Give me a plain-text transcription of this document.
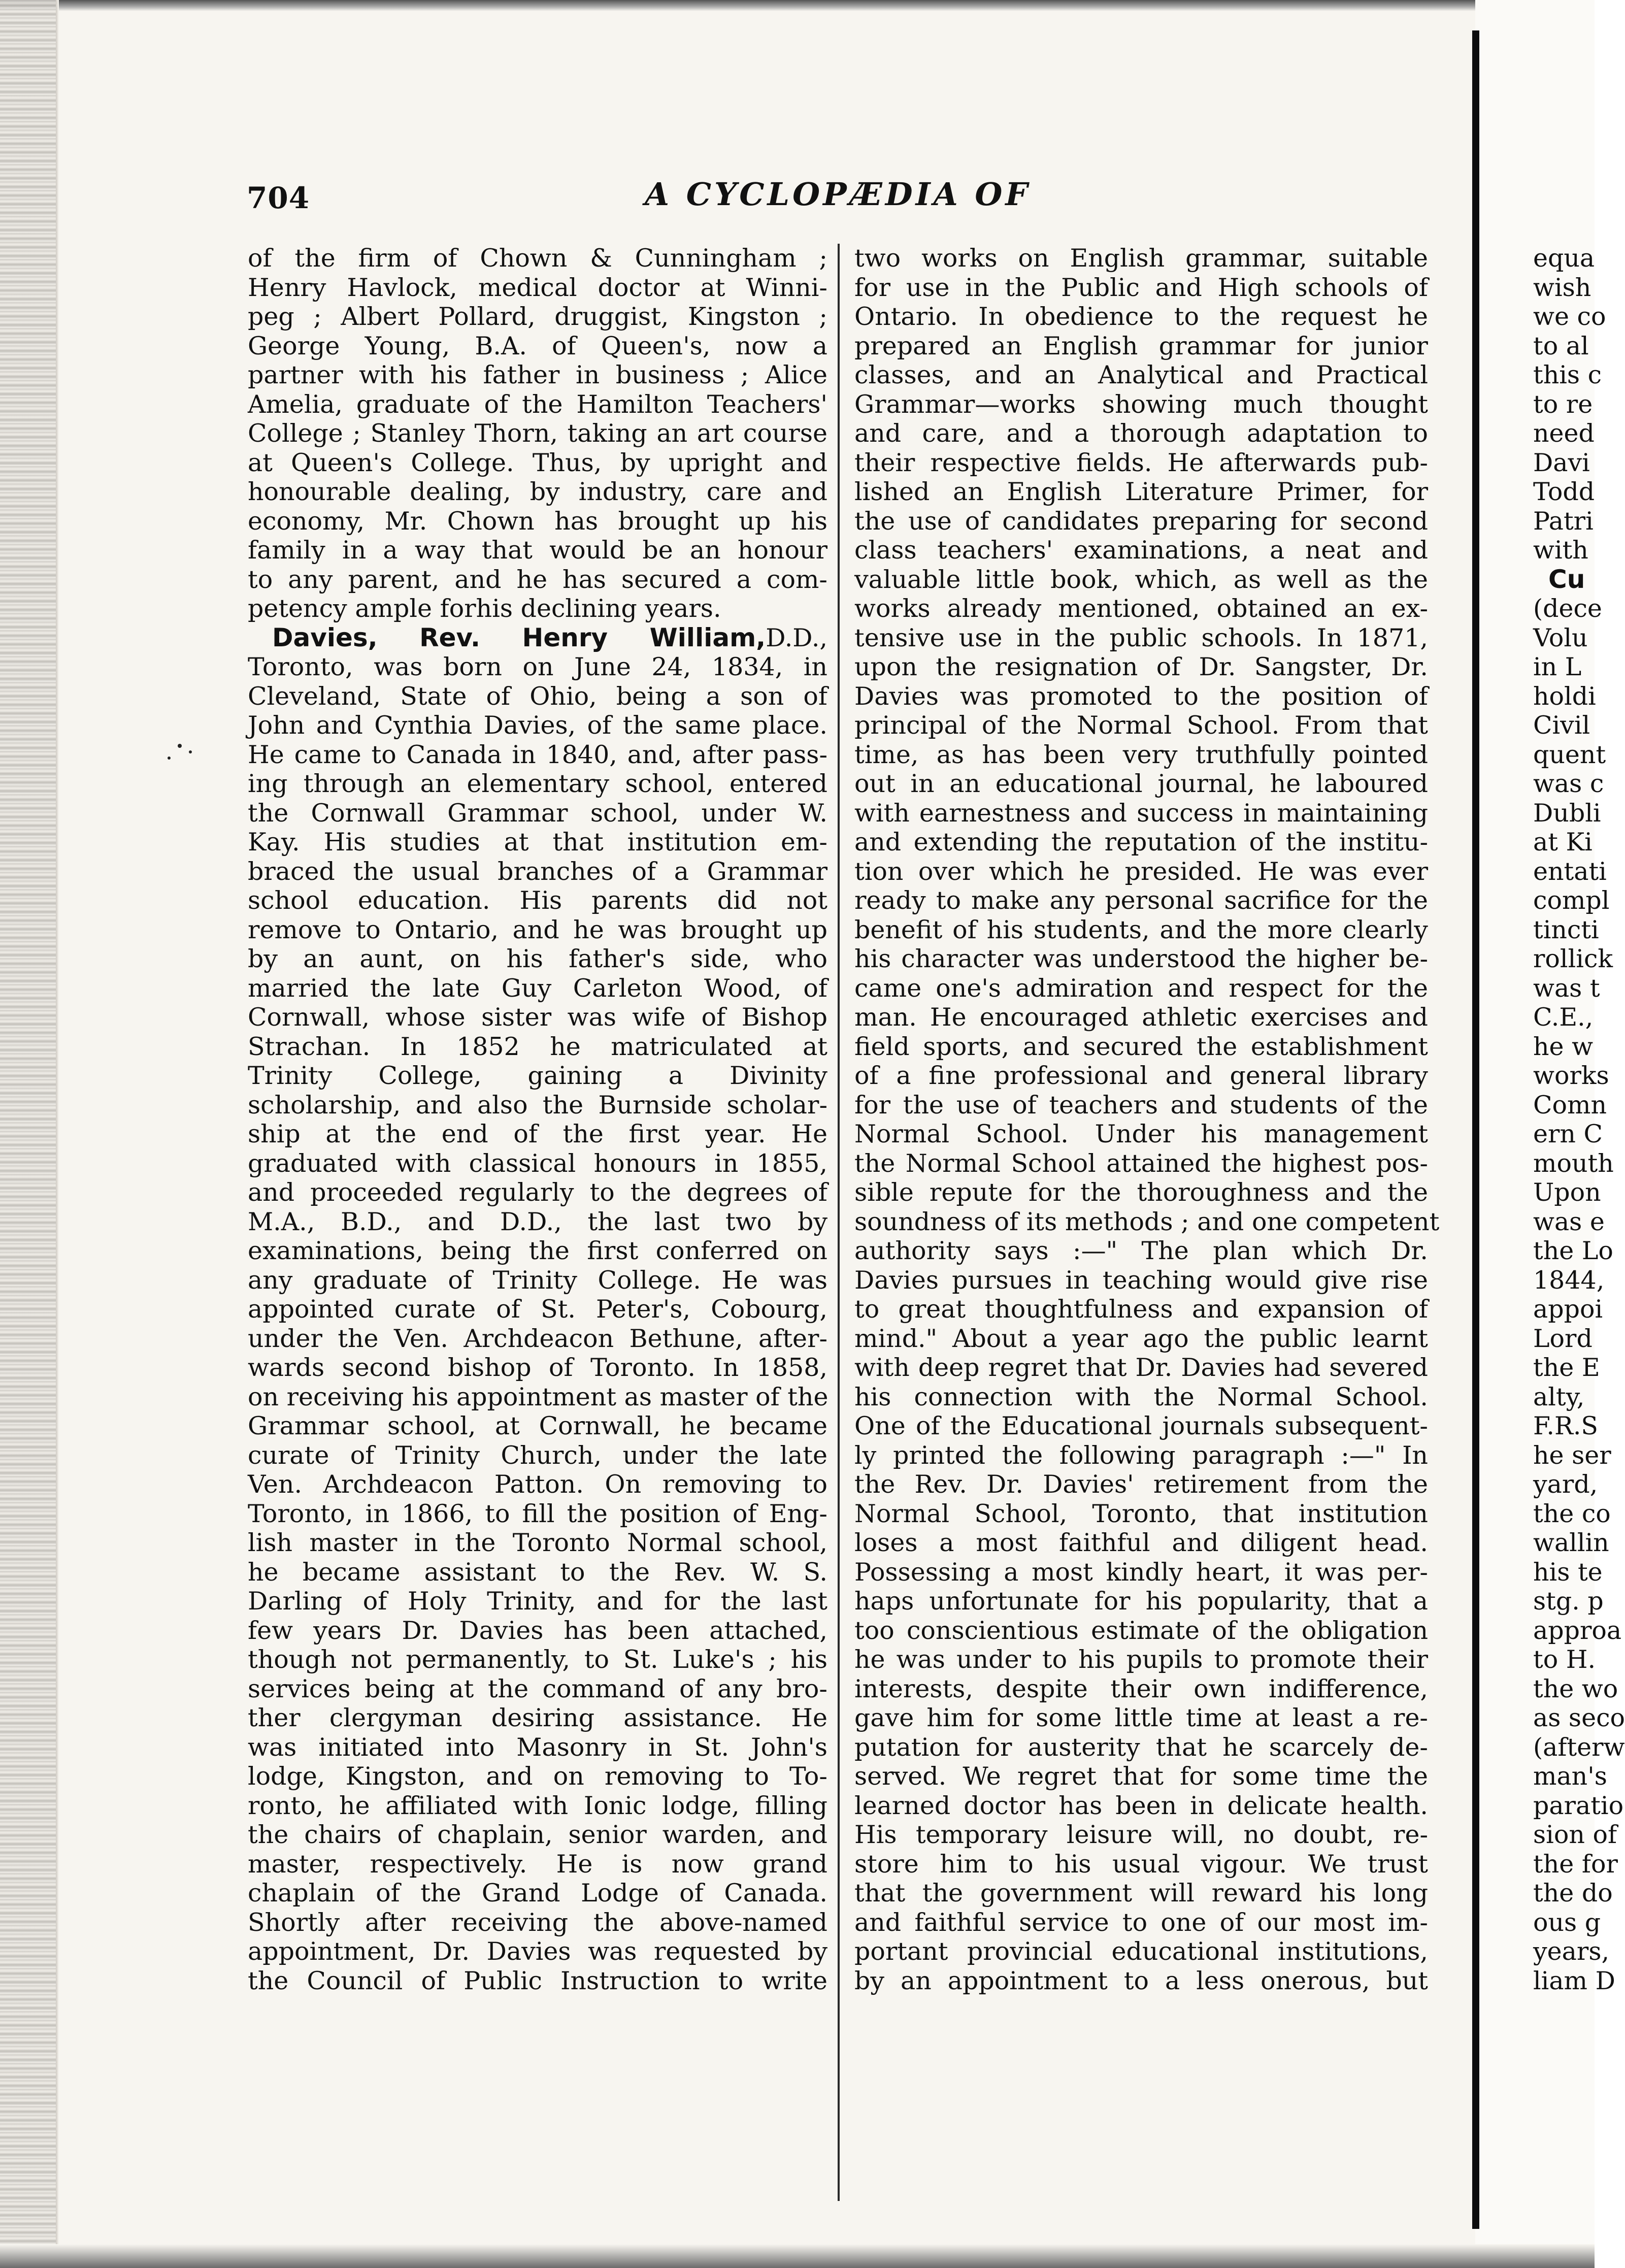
704	A CYCLOPÆDIA OF
of the firm of Chown & Cunningham ;
Henry Havlock, medical doctor at Winni-
peg ; Albert Pollard, druggist, Kingston ;
George Young, B.A. of Queen's, now a
partner with his father in business ; Alice
Amelia, graduate of the Hamilton Teachers'
College ; Stanley Thorn, taking an art course
at Queen's College. Thus, by upright and
honourable dealing, by industry, care and
economy, Mr. Chown has brought up his
family in a way that would be an honour
to any parent, and he has secured a com-
petency ample forhis declining years.
Davies, Rev. Henry William,D.D.,
Toronto, was born on June 24, 1834, in
Cleveland, State of Ohio, being a son of
John and Cynthia Davies, of the same place.
He came to Canada in 1840, and, after pass-
ing through an elementary school, entered
the Cornwall Grammar school, under W.
Kay. His studies at that institution em-
braced the usual branches of a Grammar
school education. His parents did not
remove to Ontario, and he was brought up
by an aunt, on his father's side, who
married the late Guy Carleton Wood, of
Cornwall, whose sister was wife of Bishop
Strachan. In 1852 he matriculated at
Trinity College, gaining a Divinity
scholarship, and also the Burnside scholar-
ship at the end of the first year. He
graduated with classical honours in 1855,
and proceeded regularly to the degrees of
M.A., B.D., and D.D., the last two by
examinations, being the first conferred on
any graduate of Trinity College. He was
appointed curate of St. Peter's, Cobourg,
under the Ven. Archdeacon Bethune, after-
wards second bishop of Toronto. In 1858,
on receiving his appointment as master of the
Grammar school, at Cornwall, he became
curate of Trinity Church, under the late
Ven. Archdeacon Patton. On removing to
Toronto, in 1866, to fill the position of Eng-
lish master in the Toronto Normal school,
he became assistant to the Rev. W. S.
Darling of Holy Trinity, and for the last
few years Dr. Davies has been attached,
though not permanently, to St. Luke's ; his
services being at the command of any bro-
ther clergyman desiring assistance. He
was initiated into Masonry in St. John's
lodge, Kingston, and on removing to To-
ronto, he affiliated with Ionic lodge, filling
the chairs of chaplain, senior warden, and
master, respectively. He is now grand
chaplain of the Grand Lodge of Canada.
Shortly after receiving the above-named
appointment, Dr. Davies was requested by
the Council of Public Instruction to write
two works on English grammar, suitable
for use in the Public and High schools of
Ontario. In obedience to the request he
prepared an English grammar for junior
classes, and an Analytical and Practical
Grammar—works showing much thought
and care, and a thorough adaptation to
their respective fields. He afterwards pub-
lished an English Literature Primer, for
the use of candidates preparing for second
class teachers' examinations, a neat and
valuable little book, which, as well as the
works already mentioned, obtained an ex-
tensive use in the public schools. In 1871,
upon the resignation of Dr. Sangster, Dr.
Davies was promoted to the position of
principal of the Normal School. From that
time, as has been very truthfully pointed
out in an educational journal, he laboured
with earnestness and success in maintaining
and extending the reputation of the institu-
tion over which he presided. He was ever
ready to make any personal sacrifice for the
benefit of his students, and the more clearly
his character was understood the higher be-
came one's admiration and respect for the
man. He encouraged athletic exercises and
field sports, and secured the establishment
of a fine professional and general library
for the use of teachers and students of the
Normal School. Under his management
the Normal School attained the highest pos-
sible repute for the thoroughness and the
soundness of its methods ; and one competent
authority says :—" The plan which Dr.
Davies pursues in teaching would give rise
to great thoughtfulness and expansion of
mind." About a year ago the public learnt
with deep regret that Dr. Davies had severed
his connection with the Normal School.
One of the Educational journals subsequent-
ly printed the following paragraph :—" In
the Rev. Dr. Davies' retirement from the
Normal School, Toronto, that institution
loses a most faithful and diligent head.
Possessing a most kindly heart, it was per-
haps unfortunate for his popularity, that a
too conscientious estimate of the obligation
he was under to his pupils to promote their
interests, despite their own indifference,
gave him for some little time at least a re-
putation for austerity that he scarcely de-
served. We regret that for some time the
learned doctor has been in delicate health.
His temporary leisure will, no doubt, re-
store him to his usual vigour. We trust
that the government will reward his long
and faithful service to one of our most im-
portant provincial educational institutions,
by an appointment to a less onerous, but
equa
wish
we co
to al
this c
to re
need
Davi
Todd
Patri
with
Cu
(dece
Volu
in L
holdi
Civil
quent
was c
Dubli
at Ki
entati
compl
tincti
rollick
was t
C.E.,
he w
works
Comn
ern C
mouth
Upon
was e
the Lo
1844,
appoi
Lord
the E
alty,
F.R.S
he ser
yard,
the co
wallin
his te
stg. p
approa
to H.
the wo
as seco
(afterw
man's
paratio
sion of
the for
the do
ous g
years,
liam D
